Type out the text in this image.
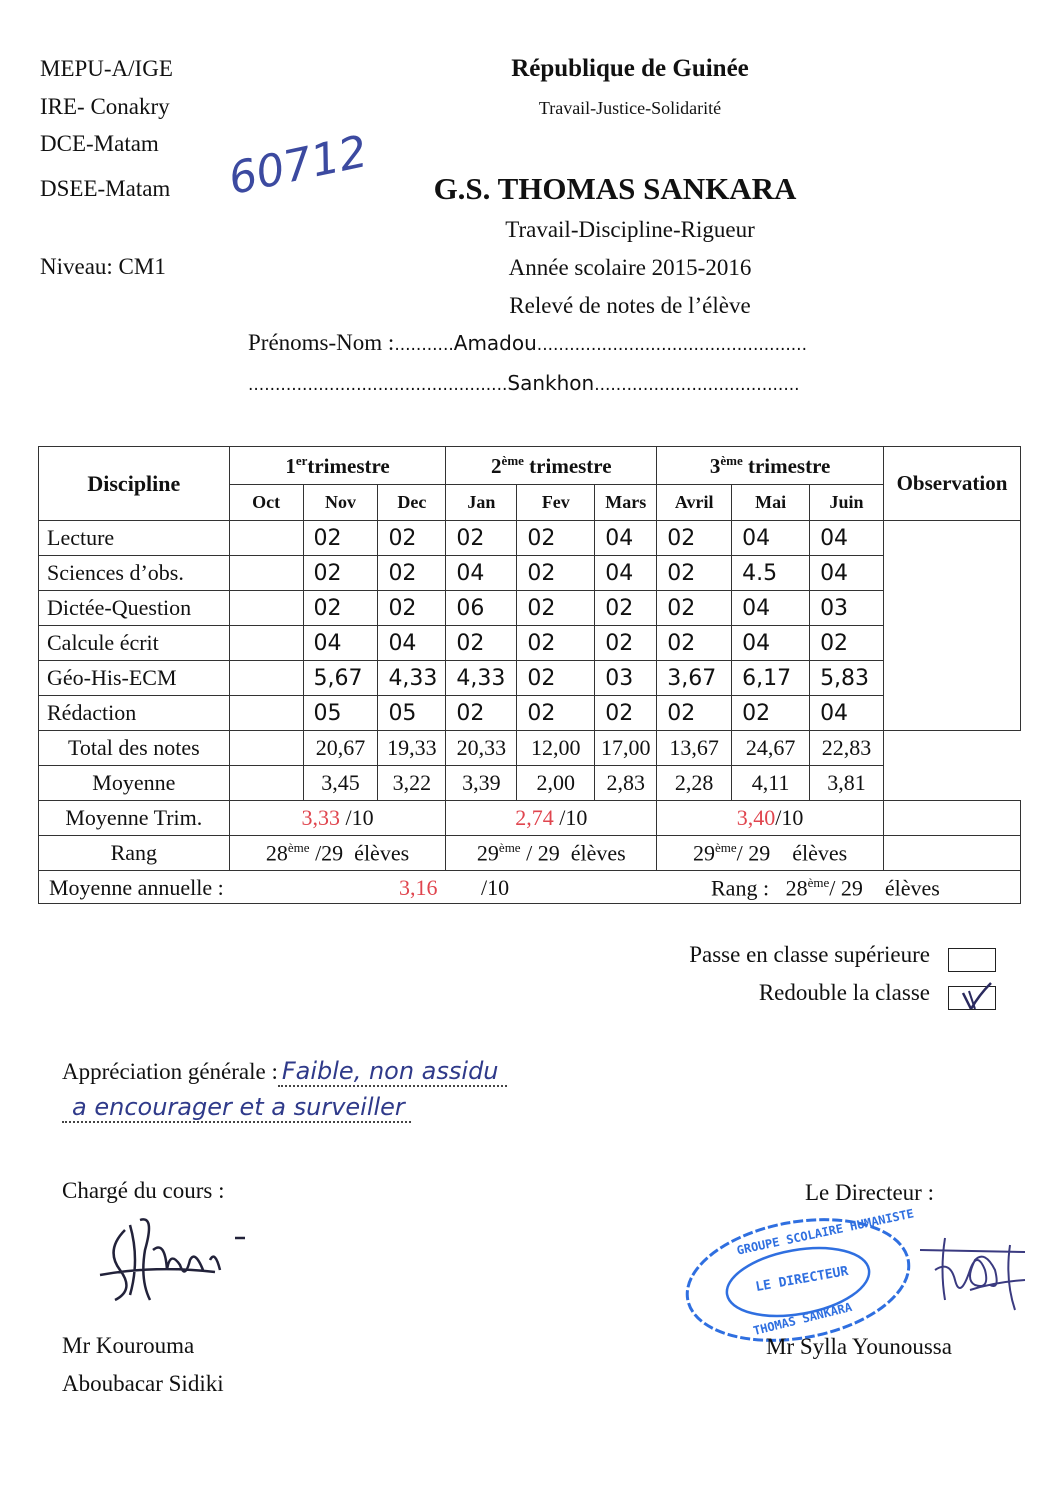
MEPU-A/IGE
IRE- Conakry
DCE-Matam
DSEE-Matam
Niveau: CM1
60712
République de Guinée
Travail-Justice-Solidarité
G.S. THOMAS SANKARA
Travail-Discipline-Rigueur
Année scolaire 2015-2016
Relevé de notes de l’élève
Prénoms-Nom :...........Amadou..................................................
................................................Sankhon......................................
Discipline	1ertrimestre			2ème trimestre			3ème trimestre			Observation
	Oct	Nov	Dec	Jan	Fev	Mars	Avril	Mai	Juin	
Lecture		02	02	02	02	04	02	04	04	
Sciences d’obs.		02	02	04	02	04	02	4.5	04	
Dictée-Question		02	02	06	02	02	02	04	03	
Calcule écrit		04	04	02	02	02	02	04	02	
Géo-His-ECM		5,67	4,33	4,33	02	03	3,67	6,17	5,83	
Rédaction		05	05	02	02	02	02	02	04	
Total des notes		20,67	19,33	20,33	12,00	17,00	13,67	24,67	22,83	
Moyenne		3,45	3,22	3,39	2,00	2,83	2,28	4,11	3,81	
Moyenne Trim.	3,33 /10			2,74 /10			3,40/10			
Rang	28ème /29  élèves			29ème / 29  élèves			29ème/ 29    élèves			

Moyenne annuelle : 3,16 /10 Rang : 28ème/ 29    élèves										
Passe en classe supérieure
Redouble la classe
Appréciation générale : Faible, non assidu
a encourager et a surveiller
Chargé du cours :
Mr Kourouma
Aboubacar Sidiki
Le Directeur :
GROUPE SCOLAIRE HUMANISTE
LE DIRECTEUR
THOMAS SANKARA
Mr Sylla Younoussa
